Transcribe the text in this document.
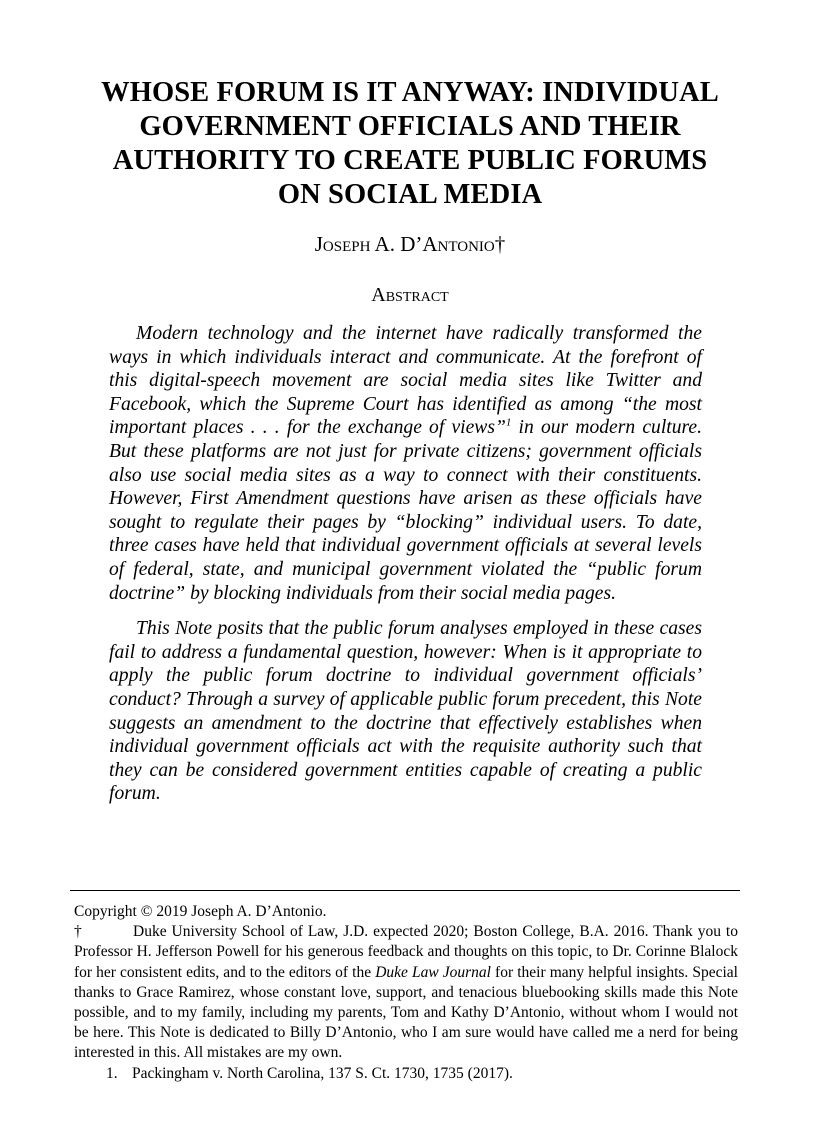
WHOSE FORUM IS IT ANYWAY: INDIVIDUAL
GOVERNMENT OFFICIALS AND THEIR
AUTHORITY TO CREATE PUBLIC FORUMS
ON SOCIAL MEDIA
Joseph A. D’Antonio†
Abstract

Modern technology and the internet have radically transformed the ways in which individuals interact and communicate. At the forefront of this digital-speech movement are social media sites like Twitter and Facebook, which the Supreme Court has identified as among “the most important places . . . for the exchange of views”$^1$ in our modern culture. But these platforms are not just for private citizens; government officials also use social media sites as a way to connect with their constituents. However, First Amendment questions have arisen as these officials have sought to regulate their pages by “blocking” individual users. To date, three cases have held that individual government officials at several levels of federal, state, and municipal government violated the “public forum doctrine” by blocking individuals from their social media pages.

This Note posits that the public forum analyses employed in these cases fail to address a fundamental question, however: When is it appropriate to apply the public forum doctrine to individual government officials’ conduct? Through a survey of applicable public forum precedent, this Note suggests an amendment to the doctrine that effectively establishes when individual government officials act with the requisite authority such that they can be considered government entities capable of creating a public forum.

Copyright © 2019 Joseph A. D’Antonio.

†	Duke University School of Law, J.D. expected 2020; Boston College, B.A. 2016. Thank you to Professor H. Jefferson Powell for his generous feedback and thoughts on this topic, to Dr. Corinne Blalock for her consistent edits, and to the editors of the Duke Law Journal for their many helpful insights. Special thanks to Grace Ramirez, whose constant love, support, and tenacious bluebooking skills made this Note possible, and to my family, including my parents, Tom and Kathy D’Antonio, without whom I would not be here. This Note is dedicated to Billy D’Antonio, who I am sure would have called me a nerd for being interested in this. All mistakes are my own.

1. Packingham v. North Carolina, 137 S. Ct. 1730, 1735 (2017).
